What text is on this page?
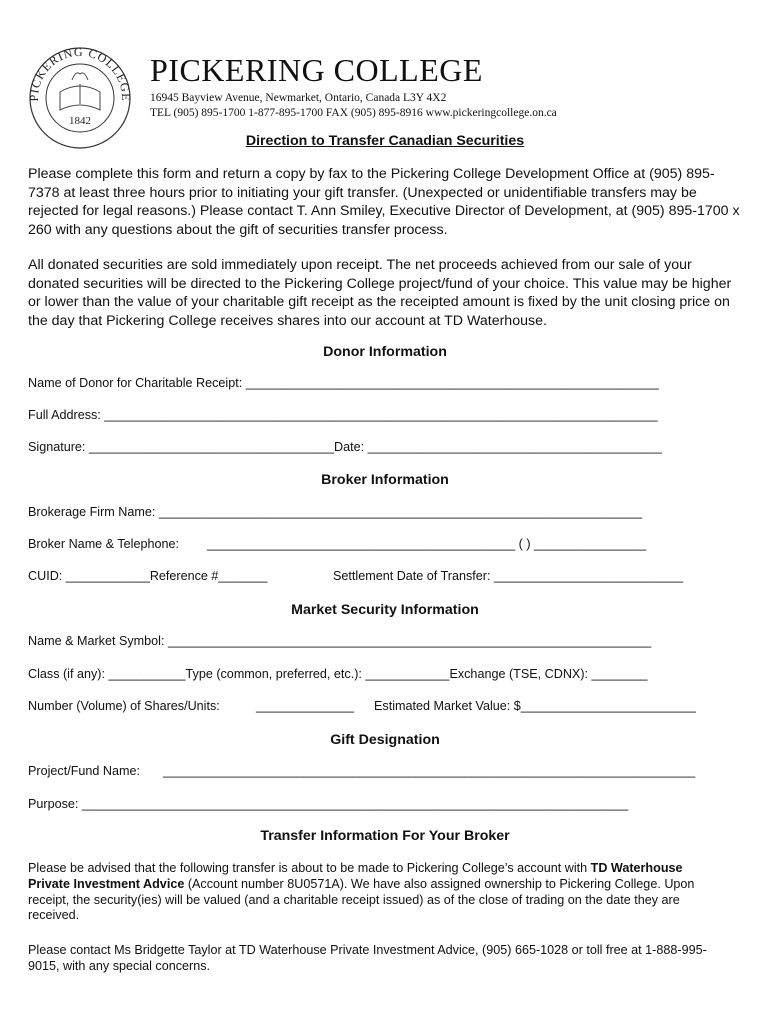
PICKERING COLLEGE
1842
PICKERING COLLEGE
16945 Bayview Avenue, Newmarket, Ontario, Canada L3Y 4X2
TEL (905) 895-1700 1-877-895-1700 FAX (905) 895-8916 www.pickeringcollege.on.ca
Direction to Transfer Canadian Securities
Please complete this form and return a copy by fax to the Pickering College Development Office at (905) 895-7378 at least three hours prior to initiating your gift transfer. (Unexpected or unidentifiable transfers may be rejected for legal reasons.) Please contact T. Ann Smiley, Executive Director of Development, at (905) 895-1700 x 260 with any questions about the gift of securities transfer process.
All donated securities are sold immediately upon receipt. The net proceeds achieved from our sale of your donated securities will be directed to the Pickering College project/fund of your choice. This value may be higher or lower than the value of your charitable gift receipt as the receipted amount is fixed by the unit closing price on the day that Pickering College receives shares into our account at TD Waterhouse.
Donor Information
Name of Donor for Charitable Receipt: ___________________________________________________________
Full Address: _______________________________________________________________________________
Signature: ___________________________________Date: __________________________________________
Broker Information
Brokerage Firm Name: _____________________________________________________________________
Broker Name & Telephone: ____________________________________________ ( ) ________________
CUID: ____________Reference #_______	Settlement Date of Transfer: ___________________________
Market Security Information
Name & Market Symbol: _____________________________________________________________________
Class (if any): ___________Type (common, preferred, etc.): ____________Exchange (TSE, CDNX): ________
Number (Volume) of Shares/Units:	______________ Estimated Market Value: $_________________________
Gift Designation
Project/Fund Name: ____________________________________________________________________________
Purpose: ______________________________________________________________________________
Transfer Information For Your Broker
Please be advised that the following transfer is about to be made to Pickering College’s account with TD Waterhouse Private Investment Advice (Account number 8U0571A). We have also assigned ownership to Pickering College. Upon receipt, the security(ies) will be valued (and a charitable receipt issued) as of the close of trading on the date they are received.
Please contact Ms Bridgette Taylor at TD Waterhouse Private Investment Advice, (905) 665-1028 or toll free at 1-888-995-9015, with any special concerns.
